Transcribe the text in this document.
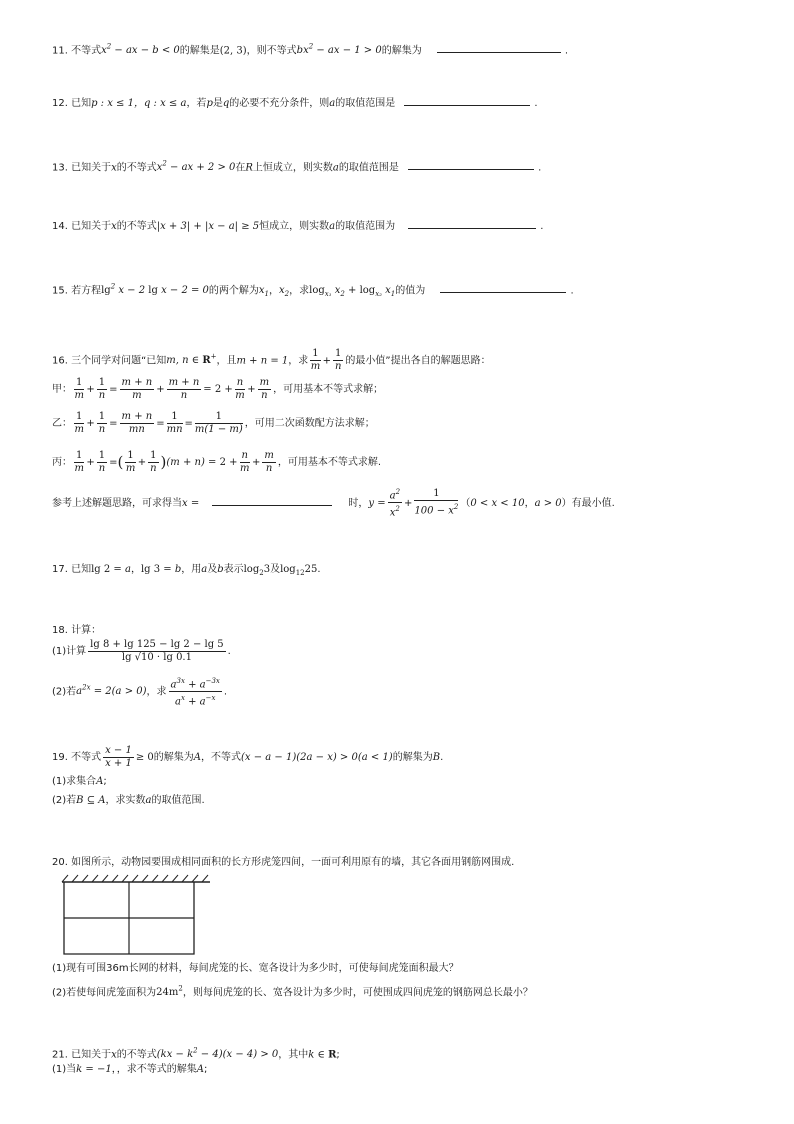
11. 不等式$x^2$ − ax − b < 0的解集是(2, 3)，则不等式$bx^2$ − ax − 1 > 0的解集为	.
12. 已知p : x ≤ 1，q : x ≤ a，若p是q的必要不充分条件，则a的取值范围是	.
13. 已知关于x的不等式$x^2$ − ax + 2 > 0在R上恒成立，则实数a的取值范围是	.
14. 已知关于x的不等式|x + 3| + |x − a| ≥ 5恒成立，则实数a的取值范围为	.
15. 若方程$\lg^2 x - 2$ lg x − 2 = 0的两个解为$x_1$，$x_2$，求$\log_{x_1} x_2 + \log_{x_2} x_1$的值为	.
16. 三个同学对问题“已知m, n ∈ R+，且m + n = 1，求 $\frac{1}{m} + \frac{1}{n}$ 的最小值”提出各自的解题思路：
甲： $\frac{1}{m} + \frac{1}{n} = \frac{m + n}{m} + \frac{m + n}{n} = 2 + \frac{n}{m} + \frac{m}{n}$ ，可用基本不等式求解；
乙： $\frac{1}{m} + \frac{1}{n} = \frac{m + n}{mn} = \frac{1}{mn} = \frac{1}{m(1 - m)}$ ，可用二次函数配方法求解；
丙： $\frac{1}{m} + \frac{1}{n}$ =( $\frac{1}{m} + \frac{1}{n} )(m + n) = 2 + \frac{n}{m} + \frac{m}{n}$ ，可用基本不等式求解.
参考上述解题思路，可求得当x =	时，$y = \frac{a^2}{x^2} + \frac{1}{100 - x^2} (0 < x < 10$，a > 0）有最小值.
17. 已知lg 2 = a，lg 3 = b，用a及b表示$\log_23$及$\log_{12}25$.
18. 计算：
(1)计算 $\frac{\lg 8 + \lg 125 - \lg 2 - \lg 5}{\lg √10 \cdot \lg 0.1}$ .
(2)若$a^{2x} = 2(a > 0)$，求 $\frac{a^{3x} + a^{-3x}}{a^x + a^{-x}}$ .
19. 不等式 $\frac{x - 1}{x + 1} \ge 0$的解集为A，不等式(x − a − 1)(2a − x) > 0(a < 1)的解集为B.
(1)求集合A;
(2)若B ⊆ A，求实数a的取值范围.
20. 如图所示，动物园要围成相同面积的长方形虎笼四间，一面可利用原有的墙，其它各面用钢筋网围成.
(1)现有可围36m长网的材料，每间虎笼的长、宽各设计为多少时，可使每间虎笼面积最大？
(2)若使每间虎笼面积为$24m^2$，则每间虎笼的长、宽各设计为多少时，可使围成四间虎笼的钢筋网总长最小？
21. 已知关于x的不等式$(kx - k^2 - 4)(x - 4) > 0$，其中k ∈ R;
(1)当k = −1，，求不等式的解集A;
